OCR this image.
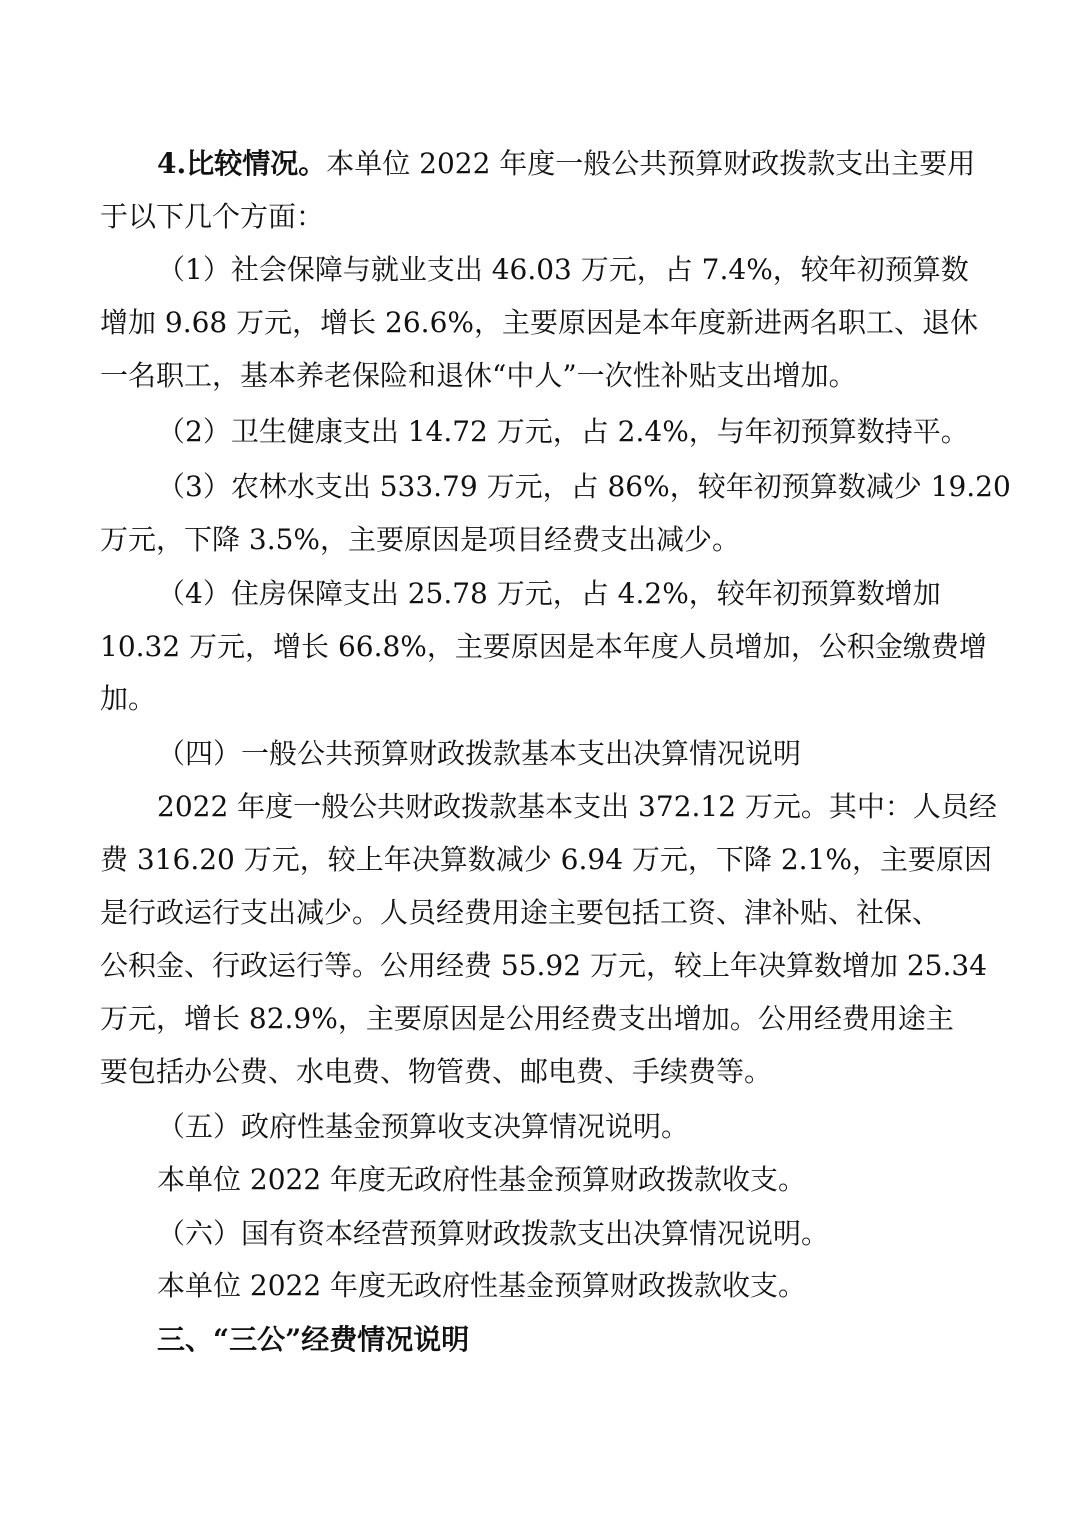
4.比较情况。本单位 2022 年度一般公共预算财政拨款支出主要用
于以下几个方面：
（1）社会保障与就业支出 46.03 万元，占 7.4%，较年初预算数
增加 9.68 万元，增长 26.6%，主要原因是本年度新进两名职工、退休
一名职工，基本养老保险和退休“中人”一次性补贴支出增加。
（2）卫生健康支出 14.72 万元，占 2.4%，与年初预算数持平。
（3）农林水支出 533.79 万元，占 86%，较年初预算数减少 19.20
万元，下降 3.5%，主要原因是项目经费支出减少。
（4）住房保障支出 25.78 万元，占 4.2%，较年初预算数增加
10.32 万元，增长 66.8%，主要原因是本年度人员增加，公积金缴费增
加。
（四）一般公共预算财政拨款基本支出决算情况说明
2022 年度一般公共财政拨款基本支出 372.12 万元。其中：人员经
费 316.20 万元，较上年决算数减少 6.94 万元，下降 2.1%，主要原因
是行政运行支出减少。人员经费用途主要包括工资、津补贴、社保、
公积金、行政运行等。公用经费 55.92 万元，较上年决算数增加 25.34
万元，增长 82.9%，主要原因是公用经费支出增加。公用经费用途主
要包括办公费、水电费、物管费、邮电费、手续费等。
（五）政府性基金预算收支决算情况说明。
本单位 2022 年度无政府性基金预算财政拨款收支。
（六）国有资本经营预算财政拨款支出决算情况说明。
本单位 2022 年度无政府性基金预算财政拨款收支。
三、“三公”经费情况说明
